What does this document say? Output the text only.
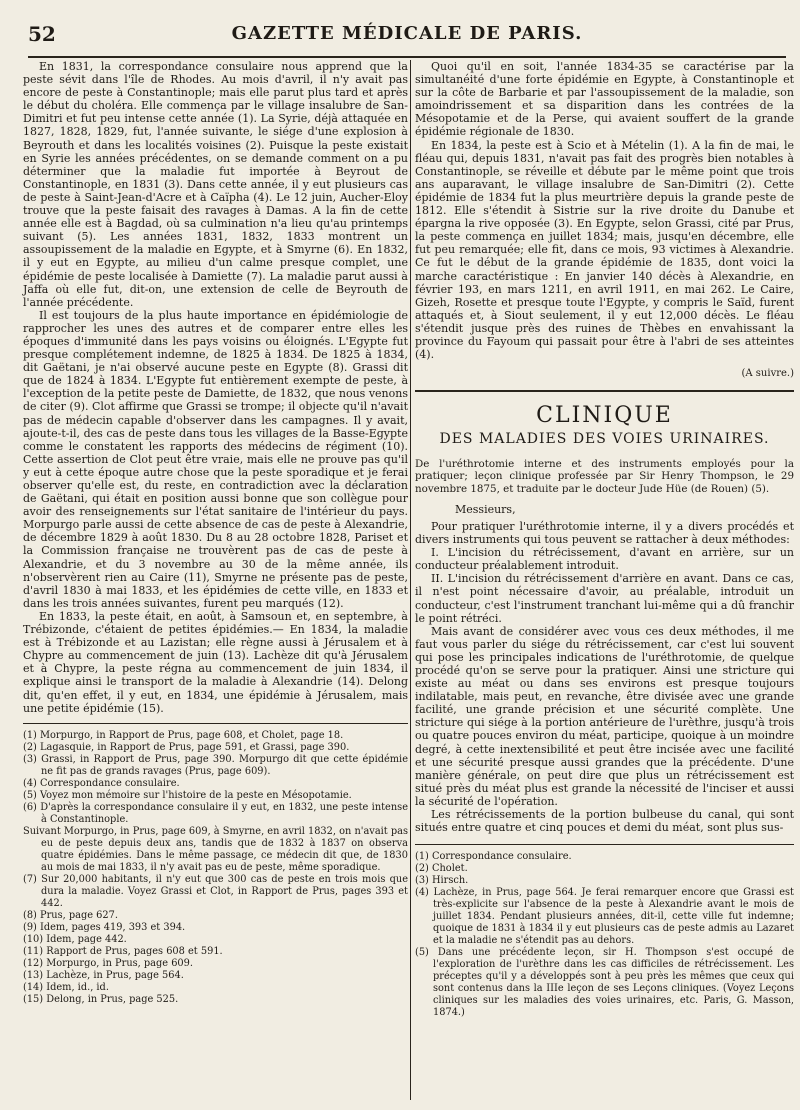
52	GAZETTE MÉDICALE DE PARIS.

En 1831, la correspondance consulaire nous apprend que la peste sévit dans l'île de Rhodes. Au mois d'avril, il n'y avait pas encore de peste à Constantinople; mais elle parut plus tard et après le début du choléra. Elle commença par le village insalubre de San-Dimitri et fut peu intense cette année (1). La Syrie, déjà attaquée en 1827, 1828, 1829, fut, l'année suivante, le siége d'une explosion à Beyrouth et dans les localités voisines (2). Puisque la peste existait en Syrie les années précédentes, on se demande comment on a pu déterminer que la maladie fut importée à Beyrout de Constantinople, en 1831 (3). Dans cette année, il y eut plusieurs cas de peste à Saint-Jean-d'Acre et à Caïpha (4). Le 12 juin, Aucher-Eloy trouve que la peste faisait des ravages à Damas. A la fin de cette année elle est à Bagdad, où sa culmination n'a lieu qu'au printemps suivant (5). Les années 1831, 1832, 1833 montrent un assoupissement de la maladie en Egypte, et à Smyrne (6). En 1832, il y eut en Egypte, au milieu d'un calme presque complet, une épidémie de peste localisée à Damiette (7). La maladie parut aussi à Jaffa où elle fut, dit-on, une extension de celle de Beyrouth de l'année précédente.

Il est toujours de la plus haute importance en épidémiologie de rapprocher les unes des autres et de comparer entre elles les époques d'immunité dans les pays voisins ou éloignés. L'Egypte fut presque complétement indemne, de 1825 à 1834. De 1825 à 1834, dit Gaëtani, je n'ai observé aucune peste en Egypte (8). Grassi dit que de 1824 à 1834. L'Egypte fut entièrement exempte de peste, à l'exception de la petite peste de Damiette, de 1832, que nous venons de citer (9). Clot affirme que Grassi se trompe; il objecte qu'il n'avait pas de médecin capable d'observer dans les campagnes. Il y avait, ajoute-t-il, des cas de peste dans tous les villages de la Basse-Egypte comme le constatent les rapports des médecins de régiment (10). Cette assertion de Clot peut être vraie, mais elle ne prouve pas qu'il y eut à cette époque autre chose que la peste sporadique et je ferai observer qu'elle est, du reste, en contradiction avec la déclaration de Gaëtani, qui était en position aussi bonne que son collègue pour avoir des renseignements sur l'état sanitaire de l'intérieur du pays. Morpurgo parle aussi de cette absence de cas de peste à Alexandrie, de décembre 1829 à août 1830. Du 8 au 28 octobre 1828, Pariset et la Commission française ne trouvèrent pas de cas de peste à Alexandrie, et du 3 novembre au 30 de la même année, ils n'observèrent rien au Caire (11), Smyrne ne présente pas de peste, d'avril 1830 à mai 1833, et les épidémies de cette ville, en 1833 et dans les trois années suivantes, furent peu marqués (12).

En 1833, la peste était, en août, à Samsoun et, en septembre, à Trébizonde, c'étaient de petites épidémies.— En 1834, la maladie est à Trébizonde et au Lazistan; elle règne aussi à Jérusalem et à Chypre au commencement de juin (13). Lachèze dit qu'à Jérusalem et à Chypre, la peste régna au commencement de juin 1834, il explique ainsi le transport de la maladie à Alexandrie (14). Delong dit, qu'en effet, il y eut, en 1834, une épidémie à Jérusalem, mais une petite épidémie (15).

(1) Morpurgo, in Rapport de Prus, page 608, et Cholet, page 18.

(2) Lagasquie, in Rapport de Prus, page 591, et Grassi, page 390.

(3) Grassi, in Rapport de Prus, page 390. Morpurgo dit que cette épidémie ne fit pas de grands ravages (Prus, page 609).

(4) Correspondance consulaire.

(5) Voyez mon mémoire sur l'histoire de la peste en Mésopotamie.

(6) D'après la correspondance consulaire il y eut, en 1832, une peste intense à Constantinople.

Suivant Morpurgo, in Prus, page 609, à Smyrne, en avril 1832, on n'avait pas eu de peste depuis deux ans, tandis que de 1832 à 1837 on observa quatre épidémies. Dans le même passage, ce médecin dit que, de 1830 au mois de mai 1833, il n'y avait pas eu de peste, même sporadique.

(7) Sur 20,000 habitants, il n'y eut que 300 cas de peste en trois mois que dura la maladie. Voyez Grassi et Clot, in Rapport de Prus, pages 393 et 442.

(8) Prus, page 627.

(9) Idem, pages 419, 393 et 394.

(10) Idem, page 442.

(11) Rapport de Prus, pages 608 et 591.

(12) Morpurgo, in Prus, page 609.

(13) Lachèze, in Prus, page 564.

(14) Idem, id., id.

(15) Delong, in Prus, page 525.

Quoi qu'il en soit, l'année 1834-35 se caractérise par la simultanéité d'une forte épidémie en Egypte, à Constantinople et sur la côte de Barbarie et par l'assoupissement de la maladie, son amoindrissement et sa disparition dans les contrées de la Mésopotamie et de la Perse, qui avaient souffert de la grande épidémie régionale de 1830.

En 1834, la peste est à Scio et à Mételin (1). A la fin de mai, le fléau qui, depuis 1831, n'avait pas fait des progrès bien notables à Constantinople, se réveille et débute par le même point que trois ans auparavant, le village insalubre de San-Dimitri (2). Cette épidémie de 1834 fut la plus meurtrière depuis la grande peste de 1812. Elle s'étendit à Sistrie sur la rive droite du Danube et épargna la rive opposée (3). En Egypte, selon Grassi, cité par Prus, la peste commença en juillet 1834; mais, jusqu'en décembre, elle fut peu remarquée; elle fit, dans ce mois, 93 victimes à Alexandrie. Ce fut le début de la grande épidémie de 1835, dont voici la marche caractéristique : En janvier 140 décès à Alexandrie, en février 193, en mars 1211, en avril 1911, en mai 262. Le Caire, Gizeh, Rosette et presque toute l'Egypte, y compris le Saïd, furent attaqués et, à Siout seulement, il y eut 12,000 décès. Le fléau s'étendit jusque près des ruines de Thèbes en envahissant la province du Fayoum qui passait pour être à l'abri de ses atteintes (4).

(A suivre.)
CLINIQUE
DES MALADIES DES VOIES URINAIRES.

De l'uréthrotomie interne et des instruments employés pour la pratiquer; leçon clinique professée par Sir Henry Thompson, le 29 novembre 1875, et traduite par le docteur Jude Hüe (de Rouen) (5).

Messieurs,

Pour pratiquer l'uréthrotomie interne, il y a divers procédés et divers instruments qui tous peuvent se rattacher à deux méthodes:

I. L'incision du rétrécissement, d'avant en arrière, sur un conducteur préalablement introduit.

II. L'incision du rétrécissement d'arrière en avant. Dans ce cas, il n'est point nécessaire d'avoir, au préalable, introduit un conducteur, c'est l'instrument tranchant lui-même qui a dû franchir le point rétréci.

Mais avant de considérer avec vous ces deux méthodes, il me faut vous parler du siége du rétrécissement, car c'est lui souvent qui pose les principales indications de l'uréthrotomie, de quelque procédé qu'on se serve pour la pratiquer. Ainsi une stricture qui existe au méat ou dans ses environs est presque toujours indilatable, mais peut, en revanche, être divisée avec une grande facilité, une grande précision et une sécurité complète. Une stricture qui siége à la portion antérieure de l'urèthre, jusqu'à trois ou quatre pouces environ du méat, participe, quoique à un moindre degré, à cette inextensibilité et peut être incisée avec une facilité et une sécurité presque aussi grandes que la précédente. D'une manière générale, on peut dire que plus un rétrécissement est situé près du méat plus est grande la nécessité de l'inciser et aussi la sécurité de l'opération.

Les rétrécissements de la portion bulbeuse du canal, qui sont situés entre quatre et cinq pouces et demi du méat, sont plus sus-

(1) Correspondance consulaire.

(2) Cholet.

(3) Hirsch.

(4) Lachèze, in Prus, page 564. Je ferai remarquer encore que Grassi est très-explicite sur l'absence de la peste à Alexandrie avant le mois de juillet 1834. Pendant plusieurs années, dit-il, cette ville fut indemne; quoique de 1831 à 1834 il y eut plusieurs cas de peste admis au Lazaret et la maladie ne s'étendit pas au dehors.

(5) Dans une précédente leçon, sir H. Thompson s'est occupé de l'exploration de l'urèthre dans les cas difficiles de rétrécissement. Les préceptes qu'il y a développés sont à peu près les mêmes que ceux qui sont contenus dans la IIIe leçon de ses Leçons cliniques. (Voyez Leçons cliniques sur les maladies des voies urinaires, etc. Paris, G. Masson, 1874.)
